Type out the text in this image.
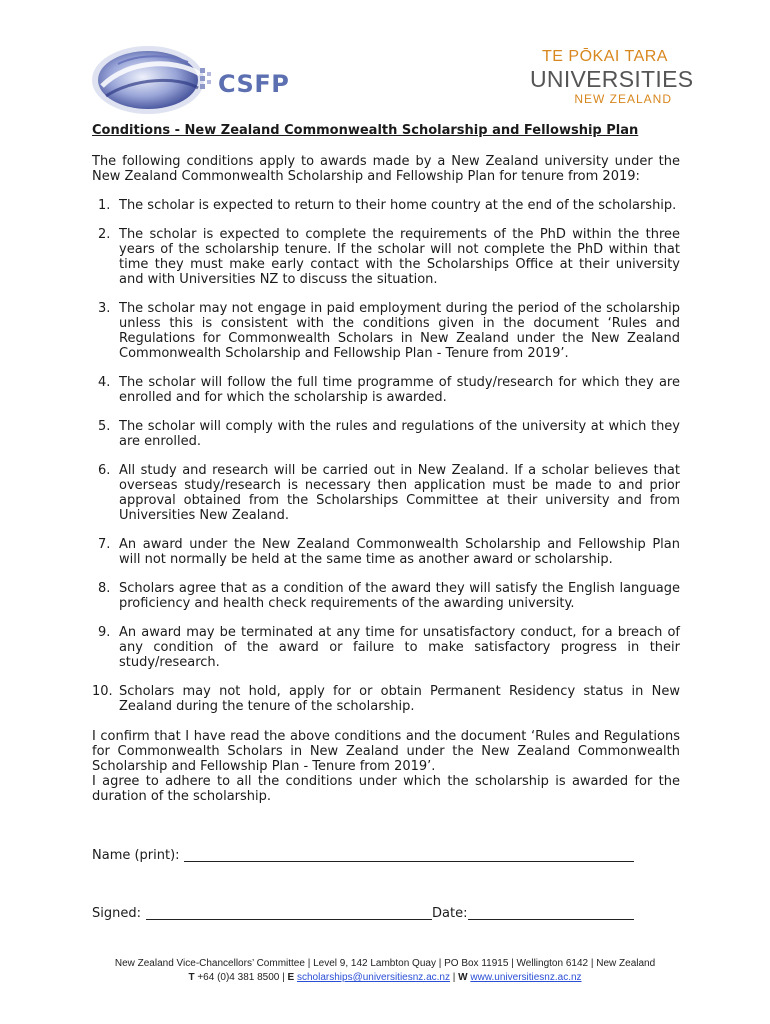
CSFP
TE PŌKAI TARA
UNIVERSITIES
NEW ZEALAND
Conditions - New Zealand Commonwealth Scholarship and Fellowship Plan
The following conditions apply to awards made by a New Zealand university under the New Zealand Commonwealth Scholarship and Fellowship Plan for tenure from 2019:
1. The scholar is expected to return to their home country at the end of the scholarship.
2. The scholar is expected to complete the requirements of the PhD within the three years of the scholarship tenure. If the scholar will not complete the PhD within that time they must make early contact with the Scholarships Office at their university and with Universities NZ to discuss the situation.
3. The scholar may not engage in paid employment during the period of the scholarship unless this is consistent with the conditions given in the document ‘Rules and Regulations for Commonwealth Scholars in New Zealand under the New Zealand Commonwealth Scholarship and Fellowship Plan - Tenure from 2019’.
4. The scholar will follow the full time programme of study/research for which they are enrolled and for which the scholarship is awarded.
5. The scholar will comply with the rules and regulations of the university at which they are enrolled.
6. All study and research will be carried out in New Zealand. If a scholar believes that overseas study/research is necessary then application must be made to and prior approval obtained from the Scholarships Committee at their university and from Universities New Zealand.
7. An award under the New Zealand Commonwealth Scholarship and Fellowship Plan will not normally be held at the same time as another award or scholarship.
8. Scholars agree that as a condition of the award they will satisfy the English language proficiency and health check requirements of the awarding university.
9. An award may be terminated at any time for unsatisfactory conduct, for a breach of any condition of the award or failure to make satisfactory progress in their study/research.
10. Scholars may not hold, apply for or obtain Permanent Residency status in New Zealand during the tenure of the scholarship.
I confirm that I have read the above conditions and the document ‘Rules and Regulations for Commonwealth Scholars in New Zealand under the New Zealand Commonwealth Scholarship and Fellowship Plan - Tenure from 2019’.
I agree to adhere to all the conditions under which the scholarship is awarded for the duration of the scholarship.
Name (print):
Signed:	Date:
New Zealand Vice-Chancellors’ Committee | Level 9, 142 Lambton Quay | PO Box 11915 | Wellington 6142 | New Zealand
T +64 (0)4 381 8500 | E scholarships@universitiesnz.ac.nz | W www.universitiesnz.ac.nz
